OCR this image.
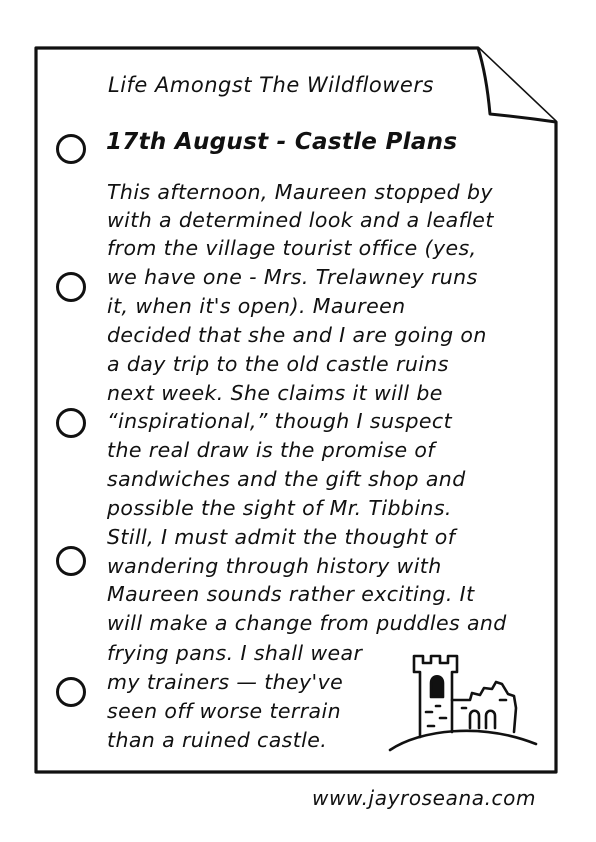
Life Amongst The Wildflowers
17th August - Castle Plans
This afternoon, Maureen stopped by
with a determined look and a leaflet
from the village tourist office (yes,
we have one - Mrs. Trelawney runs
it, when it's open). Maureen
decided that she and I are going on
a day trip to the old castle ruins
next week. She claims it will be
“inspirational,” though I suspect
the real draw is the promise of
sandwiches and the gift shop and
possible the sight of Mr. Tibbins.
Still, I must admit the thought of
wandering through history with
Maureen sounds rather exciting. It
will make a change from puddles and
frying pans. I shall wear
my trainers — they've
seen off worse terrain
than a ruined castle.
www.jayroseana.com
